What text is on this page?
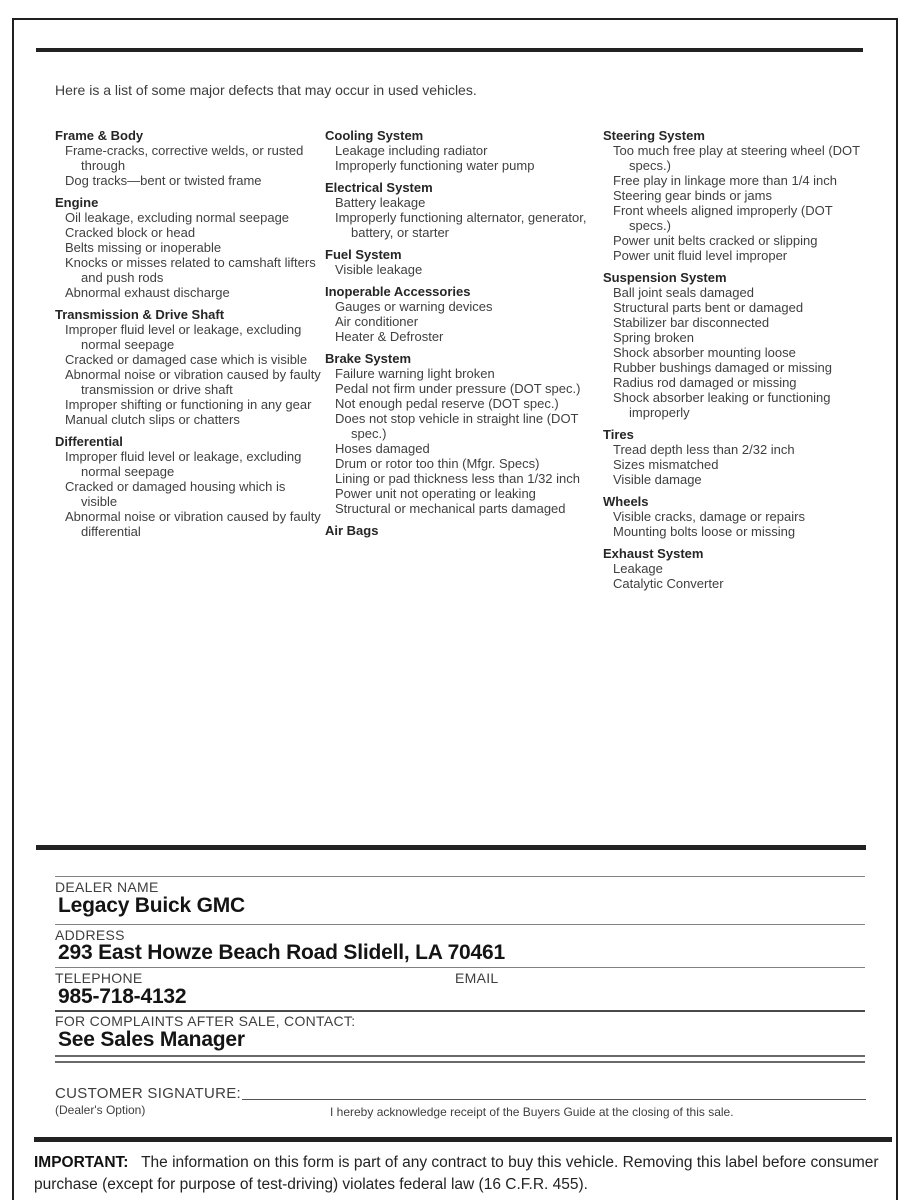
Here is a list of some major defects that may occur in used vehicles.
Frame & Body
Frame-cracks, corrective welds, or rusted through
Dog tracks—bent or twisted frame
Engine
Oil leakage, excluding normal seepage
Cracked block or head
Belts missing or inoperable
Knocks or misses related to camshaft lifters and push rods
Abnormal exhaust discharge
Transmission & Drive Shaft
Improper fluid level or leakage, excluding normal seepage
Cracked or damaged case which is visible
Abnormal noise or vibration caused by faulty transmission or drive shaft
Improper shifting or functioning in any gear
Manual clutch slips or chatters
Differential
Improper fluid level or leakage, excluding normal seepage
Cracked or damaged housing which is visible
Abnormal noise or vibration caused by faulty differential
Cooling System
Leakage including radiator
Improperly functioning water pump
Electrical System
Battery leakage
Improperly functioning alternator, generator, battery, or starter
Fuel System
Visible leakage
Inoperable Accessories
Gauges or warning devices
Air conditioner
Heater & Defroster
Brake System
Failure warning light broken
Pedal not firm under pressure (DOT spec.)
Not enough pedal reserve (DOT spec.)
Does not stop vehicle in straight line (DOT spec.)
Hoses damaged
Drum or rotor too thin (Mfgr. Specs)
Lining or pad thickness less than 1/32 inch
Power unit not operating or leaking
Structural or mechanical parts damaged
Air Bags
Steering System
Too much free play at steering wheel (DOT specs.)
Free play in linkage more than 1/4 inch
Steering gear binds or jams
Front wheels aligned improperly (DOT specs.)
Power unit belts cracked or slipping
Power unit fluid level improper
Suspension System
Ball joint seals damaged
Structural parts bent or damaged
Stabilizer bar disconnected
Spring broken
Shock absorber mounting loose
Rubber bushings damaged or missing
Radius rod damaged or missing
Shock absorber leaking or functioning improperly
Tires
Tread depth less than 2/32 inch
Sizes mismatched
Visible damage
Wheels
Visible cracks, damage or repairs
Mounting bolts loose or missing
Exhaust System
Leakage
Catalytic Converter
DEALER NAME
Legacy Buick GMC
ADDRESS
293 East Howze Beach Road Slidell, LA 70461
TELEPHONE	EMAIL
985-718-4132
FOR COMPLAINTS AFTER SALE, CONTACT:
See Sales Manager
CUSTOMER SIGNATURE:
(Dealer's Option)	I hereby acknowledge receipt of the Buyers Guide at the closing of this sale.
IMPORTANT:   The information on this form is part of any contract to buy this vehicle. Removing this label before consumer purchase (except for purpose of test-driving) violates federal law (16 C.F.R. 455).
